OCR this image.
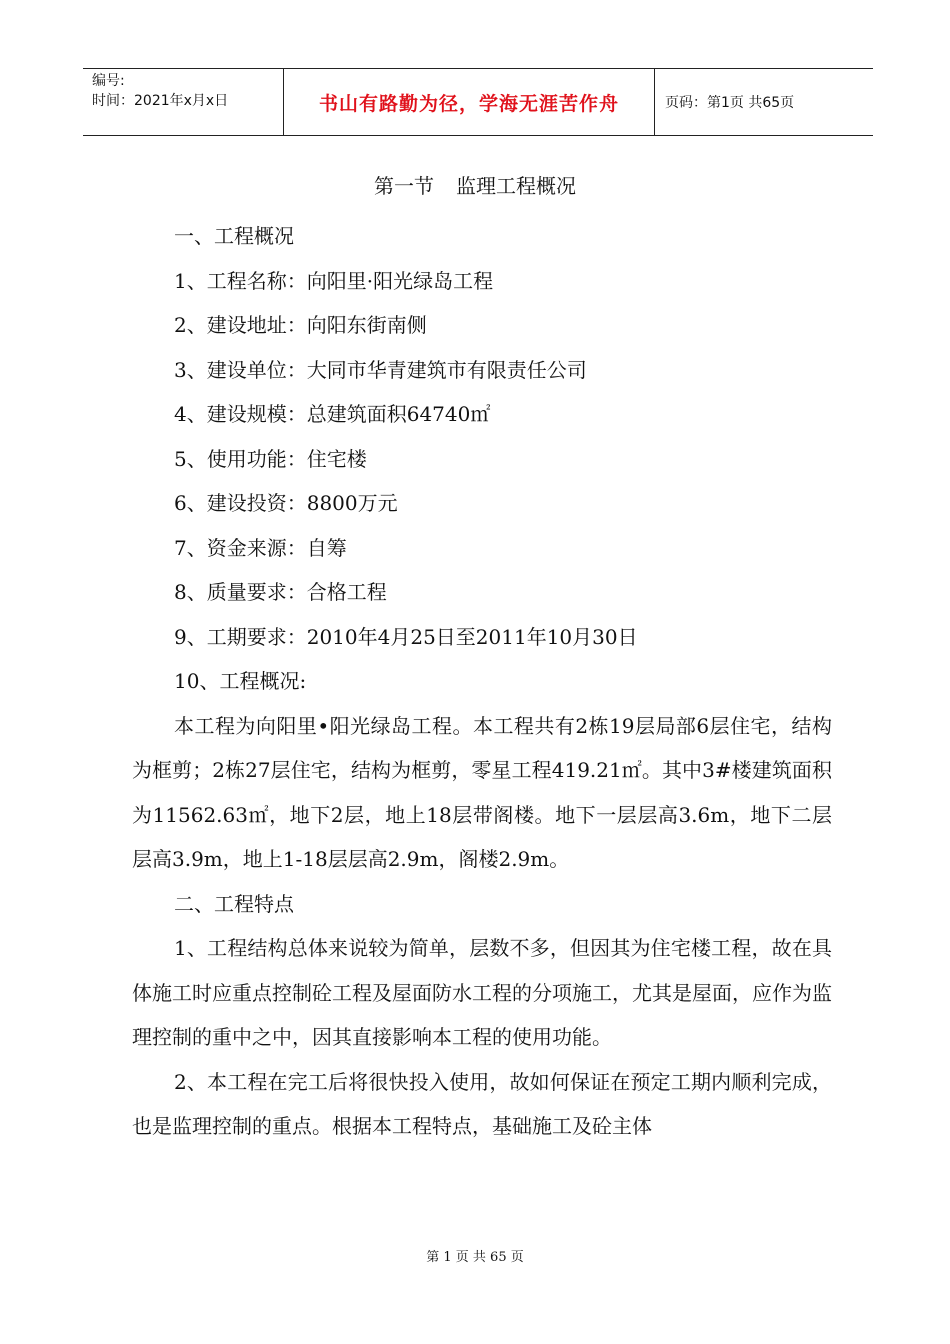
编号:
时间：2021年x月x日	书山有路勤为径，学海无涯苦作舟	页码：第1页 共65页
第一节 监理工程概况

一、工程概况

1、工程名称：向阳里·阳光绿岛工程

2、建设地址：向阳东街南侧

3、建设单位：大同市华青建筑市有限责任公司

4、建设规模：总建筑面积64740㎡

5、使用功能：住宅楼

6、建设投资：8800万元

7、资金来源：自筹

8、质量要求：合格工程

9、工期要求：2010年4月25日至2011年10月30日

10、工程概况:

本工程为向阳里•阳光绿岛工程。本工程共有2栋19层局部6层住宅，结构为框剪；2栋27层住宅，结构为框剪，零星工程419.21㎡。其中3#楼建筑面积为11562.63㎡，地下2层，地上18层带阁楼。地下一层层高3.6m，地下二层层高3.9m，地上1-18层层高2.9m，阁楼2.9m。

二、工程特点

1、工程结构总体来说较为简单，层数不多，但因其为住宅楼工程，故在具体施工时应重点控制砼工程及屋面防水工程的分项施工，尤其是屋面，应作为监理控制的重中之中，因其直接影响本工程的使用功能。

2、本工程在完工后将很快投入使用，故如何保证在预定工期内顺利完成，也是监理控制的重点。根据本工程特点，基础施工及砼主体

第 1 页 共 65 页
